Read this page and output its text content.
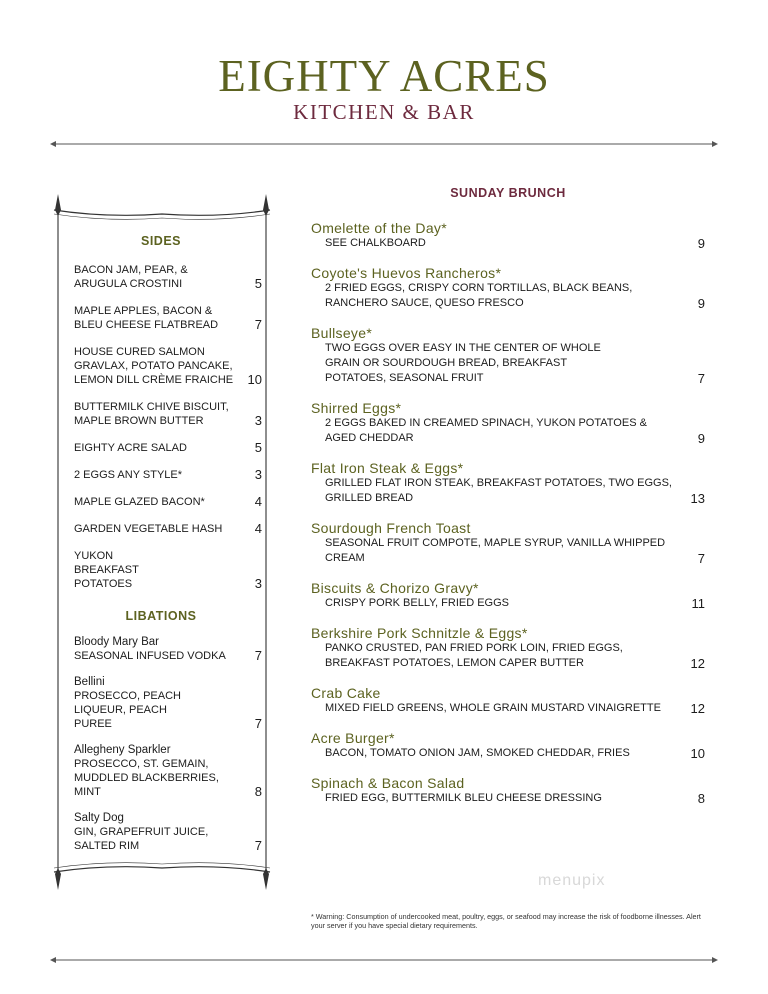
EIGHTY ACRES
KITCHEN & BAR
SIDES
BACON JAM, PEAR, & ARUGULA CROSTINI	5
MAPLE APPLES, BACON & BLEU CHEESE FLATBREAD	7
HOUSE CURED SALMON GRAVLAX, POTATO PANCAKE, LEMON DILL CRÈME FRAICHE	10
BUTTERMILK CHIVE BISCUIT, MAPLE BROWN BUTTER	3
EIGHTY ACRE SALAD	5
2 EGGS ANY STYLE*	3
MAPLE GLAZED BACON*	4
GARDEN VEGETABLE HASH	4
YUKON BREAKFAST POTATOES	3
LIBATIONS
Bloody Mary Bar
SEASONAL INFUSED VODKA	7
Bellini
PROSECCO, PEACH LIQUEUR, PEACH PUREE	7
Allegheny Sparkler
PROSECCO, ST. GEMAIN, MUDDLED BLACKBERRIES, MINT	8
Salty Dog
GIN, GRAPEFRUIT JUICE, SALTED RIM	7
SUNDAY BRUNCH
Omelette of the Day*
SEE CHALKBOARD	9
Coyote's Huevos Rancheros*
2 FRIED EGGS, CRISPY CORN TORTILLAS, BLACK BEANS, RANCHERO SAUCE, QUESO FRESCO	9
Bullseye*
TWO EGGS OVER EASY IN THE CENTER OF WHOLE GRAIN OR SOURDOUGH BREAD, BREAKFAST POTATOES, SEASONAL FRUIT	7
Shirred Eggs*
2 EGGS BAKED IN CREAMED SPINACH, YUKON POTATOES & AGED CHEDDAR	9
Flat Iron Steak & Eggs*
GRILLED FLAT IRON STEAK, BREAKFAST POTATOES, TWO EGGS, GRILLED BREAD	13
Sourdough French Toast
SEASONAL FRUIT COMPOTE, MAPLE SYRUP, VANILLA WHIPPED CREAM	7
Biscuits & Chorizo Gravy*
CRISPY PORK BELLY, FRIED EGGS	11
Berkshire Pork Schnitzle & Eggs*
PANKO CRUSTED, PAN FRIED PORK LOIN, FRIED EGGS, BREAKFAST POTATOES, LEMON CAPER BUTTER	12
Crab Cake
MIXED FIELD GREENS, WHOLE GRAIN MUSTARD VINAIGRETTE	12
Acre Burger*
BACON, TOMATO ONION JAM, SMOKED CHEDDAR, FRIES	10
Spinach & Bacon Salad
FRIED EGG, BUTTERMILK BLEU CHEESE DRESSING	8
menupix
* Warning: Consumption of undercooked meat, poultry, eggs, or seafood may increase the risk of foodborne illnesses. Alert your server if you have special dietary requirements.
